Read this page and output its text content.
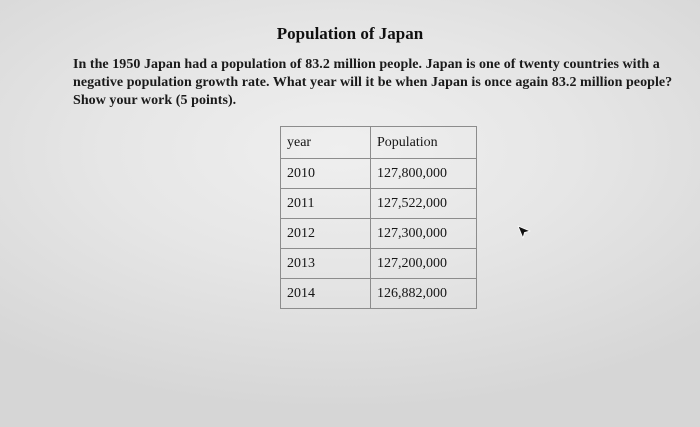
Population of Japan
In the 1950 Japan had a population of 83.2 million people. Japan is one of twenty countries with a negative population growth rate. What year will it be when Japan is once again 83.2 million people? Show your work (5 points).
year	Population
2010	127,800,000
2011	127,522,000
2012	127,300,000
2013	127,200,000
2014	126,882,000
